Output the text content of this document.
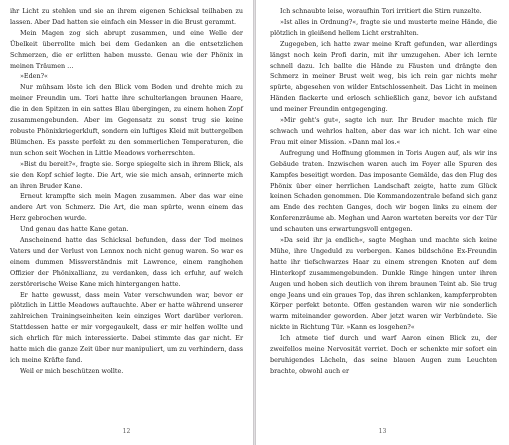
ihr Licht zu stehlen und sie an ihrem eigenen Schicksal teilhaben zu lassen. Aber Dad hatten sie einfach ein Messer in die Brust gerammt.

Mein Magen zog sich abrupt zusammen, und eine Welle der Übelkeit überrollte mich bei dem Gedanken an die entsetzlichen Schmerzen, die er erlitten haben musste. Genau wie der Phönix in meinen Träumen …

»Eden?«

Nur mühsam löste ich den Blick vom Boden und drehte mich zu meiner Freundin um. Tori hatte ihre schulterlangen braunen Haare, die in den Spitzen in ein sattes Blau übergingen, zu einem hohen Zopf zusammengebunden. Aber im Gegensatz zu sonst trug sie keine robuste Phönixkriegerkluft, sondern ein luftiges Kleid mit buttergelben Blümchen. Es passte perfekt zu den sommerlichen Temperaturen, die nun schon seit Wochen in Little Meadows vorherrschten.

»Bist du bereit?«, fragte sie. Sorge spiegelte sich in ihrem Blick, als sie den Kopf schief legte. Die Art, wie sie mich ansah, erinnerte mich an ihren Bruder Kane.

Erneut krampfte sich mein Magen zusammen. Aber das war eine andere Art von Schmerz. Die Art, die man spürte, wenn einem das Herz gebrochen wurde.

Und genau das hatte Kane getan.

Anscheinend hatte das Schicksal befunden, dass der Tod meines Vaters und der Verlust von Lennox noch nicht genug waren. So war es einem dummen Missverständnis mit Lawrence, einem ranghohen Offizier der Phönixallianz, zu verdanken, dass ich erfuhr, auf welch zerstörerische Weise Kane mich hintergangen hatte.

Er hatte gewusst, dass mein Vater verschwunden war, bevor er plötzlich in Little Meadows auftauchte. Aber er hatte während unserer zahlreichen Trainingseinheiten kein einziges Wort darüber verloren. Stattdessen hatte er mir vorgegaukelt, dass er mir helfen wollte und sich ehrlich für mich interessierte. Dabei stimmte das gar nicht. Er hatte mich die ganze Zeit über nur manipuliert, um zu verhindern, dass ich meine Kräfte fand.

Weil er mich beschützen wollte.

12

Ich schnaubte leise, woraufhin Tori irritiert die Stirn runzelte.

»Ist alles in Ordnung?«, fragte sie und musterte meine Hände, die plötzlich in gleißend hellem Licht erstrahlten.

Zugegeben, ich hatte zwar meine Kraft gefunden, war allerdings längst noch kein Profi darin, mit ihr umzugehen. Aber ich lernte schnell dazu. Ich ballte die Hände zu Fäusten und drängte den Schmerz in meiner Brust weit weg, bis ich rein gar nichts mehr spürte, abgesehen von wilder Entschlossenheit. Das Licht in meinen Händen flackerte und erlosch schließlich ganz, bevor ich aufstand und meiner Freundin entgegenging.

»Mir geht's gut«, sagte ich nur. Ihr Bruder machte mich für schwach und wehrlos halten, aber das war ich nicht. Ich war eine Frau mit einer Mission. »Dann mal los.«

Aufregung und Hoffnung glommen in Toris Augen auf, als wir ins Gebäude traten. Inzwischen waren auch im Foyer alle Spuren des Kampfes beseitigt worden. Das imposante Gemälde, das den Flug des Phönix über einer herrlichen Landschaft zeigte, hatte zum Glück keinen Schaden genommen. Die Kommandozentrale befand sich ganz am Ende des rechten Ganges, doch wir bogen links zu einem der Konferenzräume ab. Meghan und Aaron warteten bereits vor der Tür und schauten uns erwartungsvoll entgegen.

»Da seid ihr ja endlich«, sagte Meghan und machte sich keine Mühe, ihre Ungeduld zu verbergen. Kanes bildschöne Ex-Freundin hatte ihr tiefschwarzes Haar zu einem strengen Knoten auf dem Hinterkopf zusammengebunden. Dunkle Ringe hingen unter ihren Augen und hoben sich deutlich von ihrem braunen Teint ab. Sie trug enge Jeans und ein graues Top, das ihren schlanken, kampferprobten Körper perfekt betonte. Offen gestanden waren wir nie sonderlich warm miteinander geworden. Aber jetzt waren wir Verbündete. Sie nickte in Richtung Tür. »Kann es losgehen?«

Ich atmete tief durch und warf Aaron einen Blick zu, der zweifellos meine Nervosität verriet. Doch er schenkte mir sofort ein beruhigendes Lächeln, das seine blauen Augen zum Leuchten brachte, obwohl auch er

13
